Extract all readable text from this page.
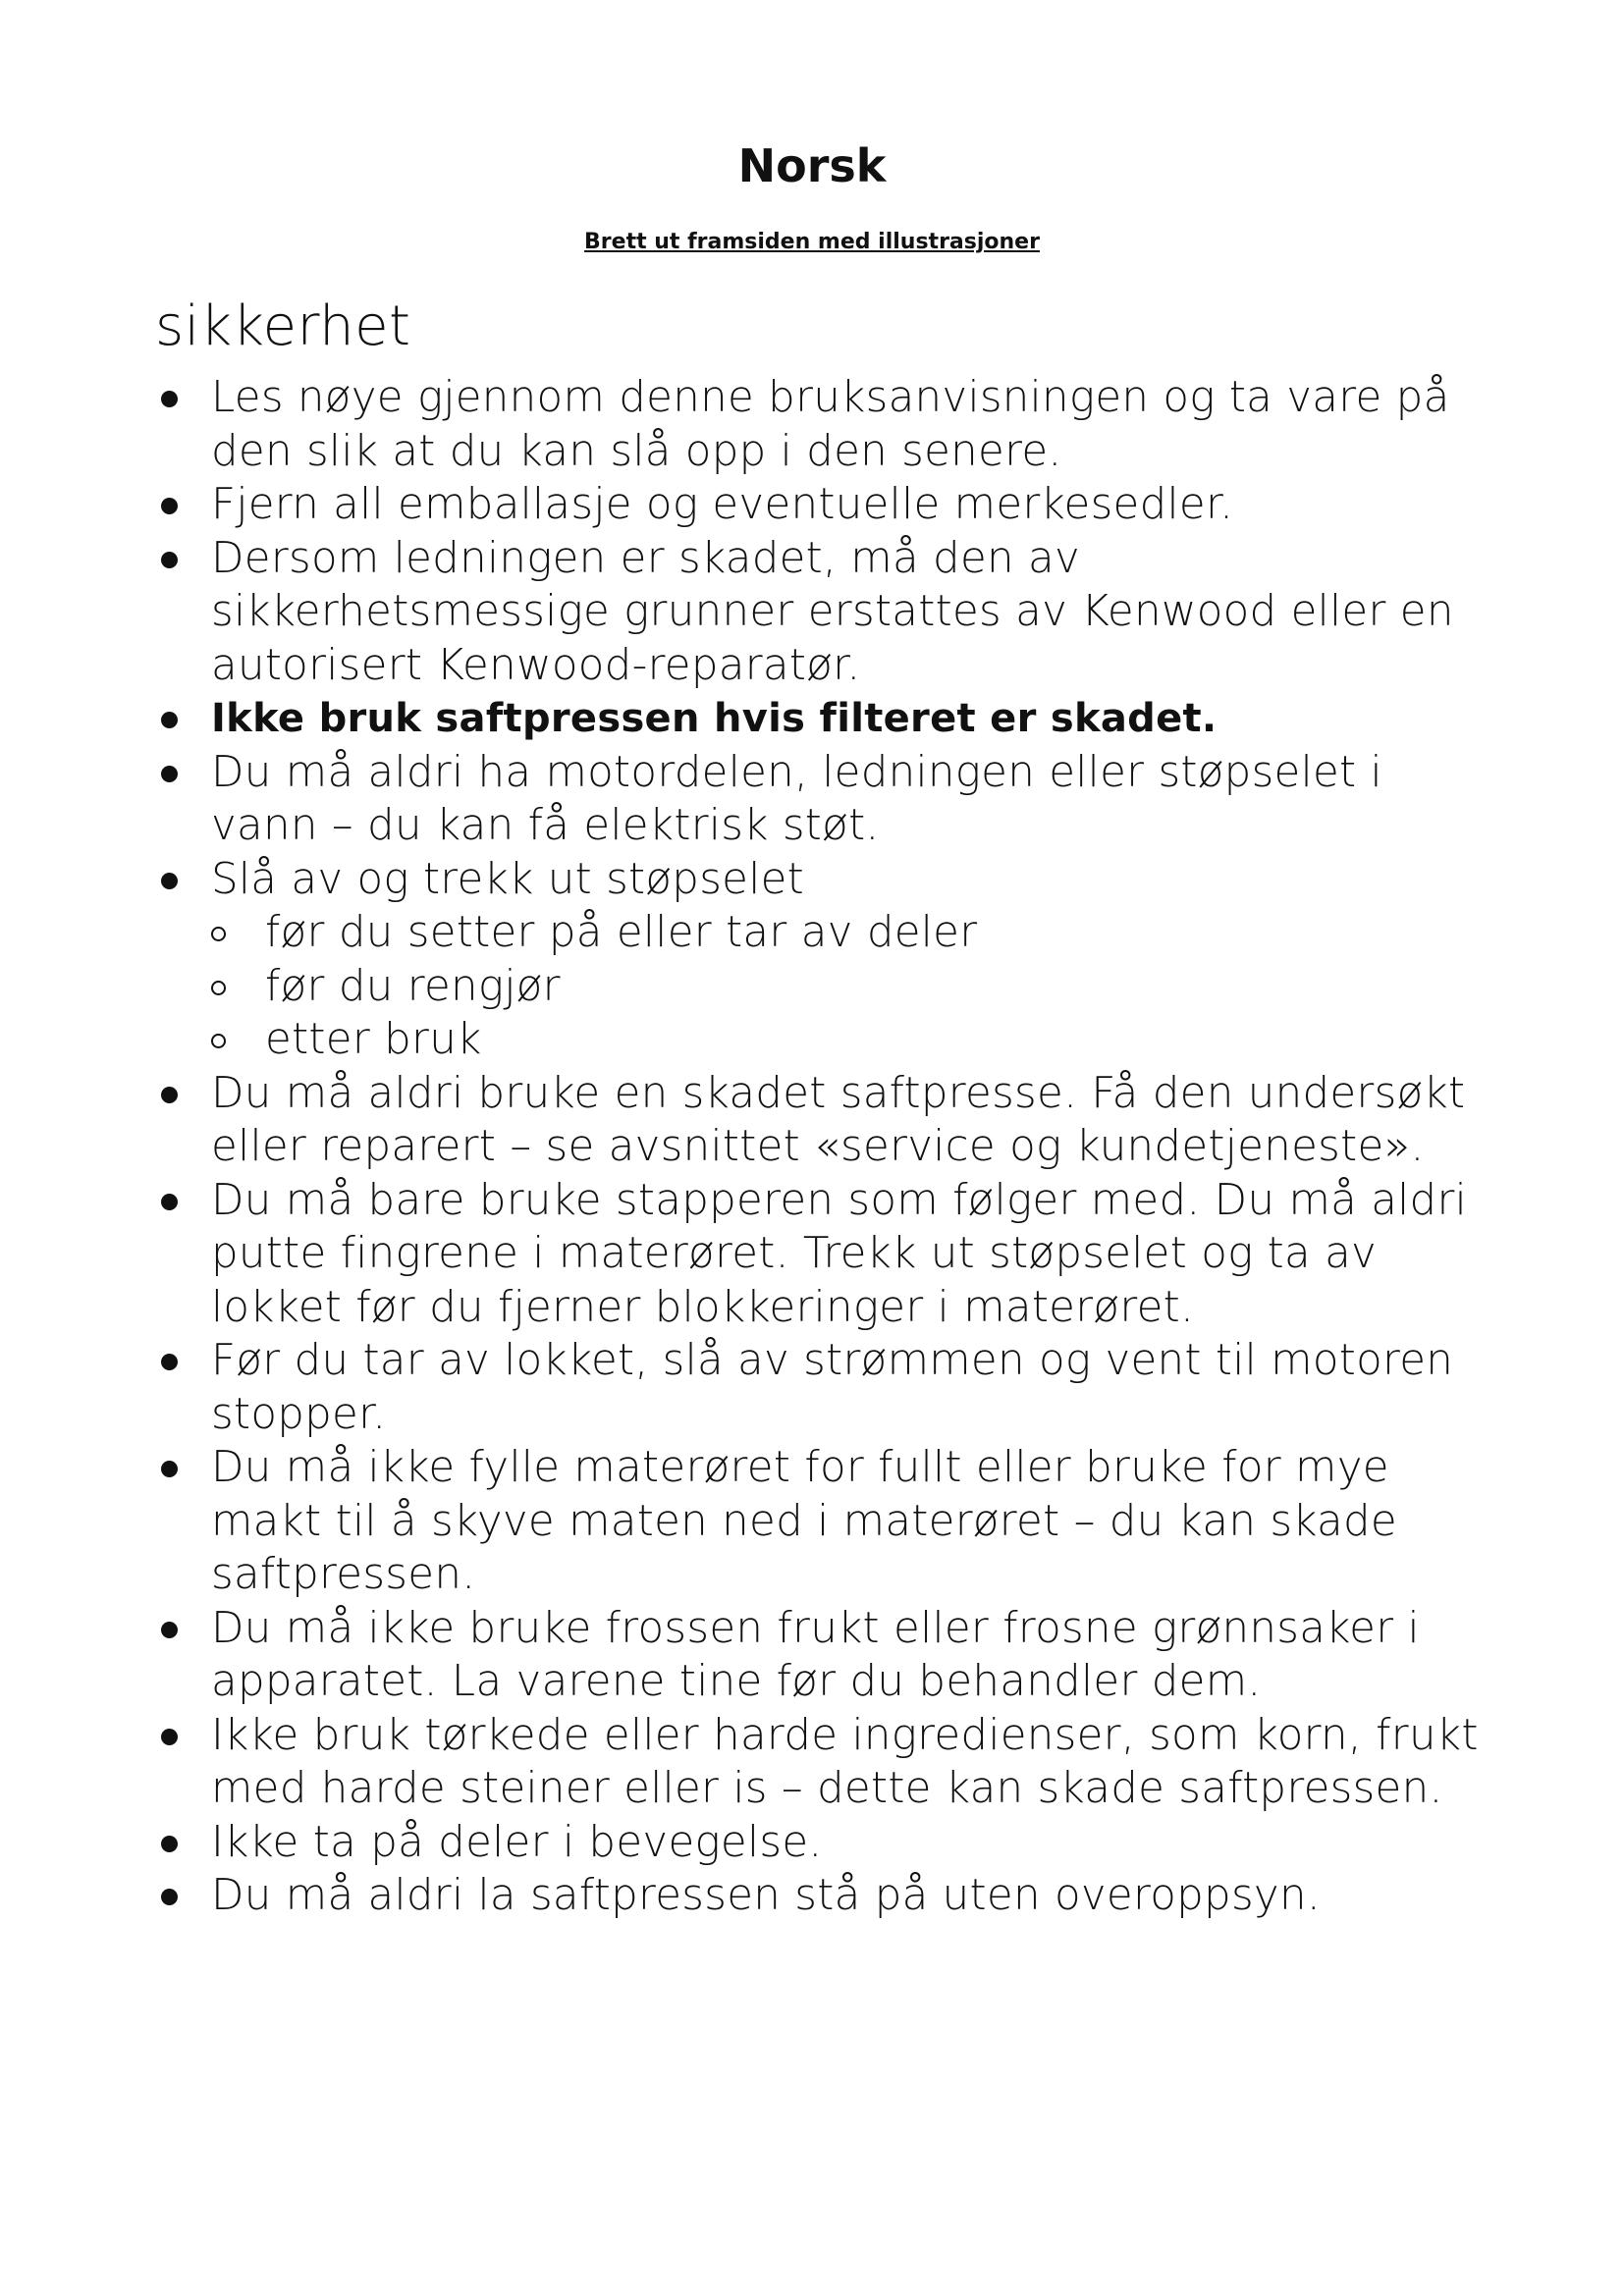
Norsk

Brett ut framsiden med illustrasjoner

sikkerhet
Les nøye gjennom denne bruksanvisningen og ta vare på den slik at du kan slå opp i den senere.
Fjern all emballasje og eventuelle merkesedler.
Dersom ledningen er skadet, må den av sikkerhetsmessige grunner erstattes av Kenwood eller en autorisert Kenwood-reparatør.
Ikke bruk saftpressen hvis filteret er skadet.
Du må aldri ha motordelen, ledningen eller støpselet i vann – du kan få elektrisk støt.
Slå av og trekk ut støpselet
før du setter på eller tar av deler
før du rengjør
etter bruk
Du må aldri bruke en skadet saftpresse. Få den undersøkt eller reparert – se avsnittet «service og kundetjeneste».
Du må bare bruke stapperen som følger med. Du må aldri putte fingrene i materøret. Trekk ut støpselet og ta av lokket før du fjerner blokkeringer i materøret.
Før du tar av lokket, slå av strømmen og vent til motoren stopper.
Du må ikke fylle materøret for fullt eller bruke for mye makt til å skyve maten ned i materøret – du kan skade saftpressen.
Du må ikke bruke frossen frukt eller frosne grønnsaker i apparatet. La varene tine før du behandler dem.
Ikke bruk tørkede eller harde ingredienser, som korn, frukt med harde steiner eller is – dette kan skade saftpressen.
Ikke ta på deler i bevegelse.
Du må aldri la saftpressen stå på uten overoppsyn.
